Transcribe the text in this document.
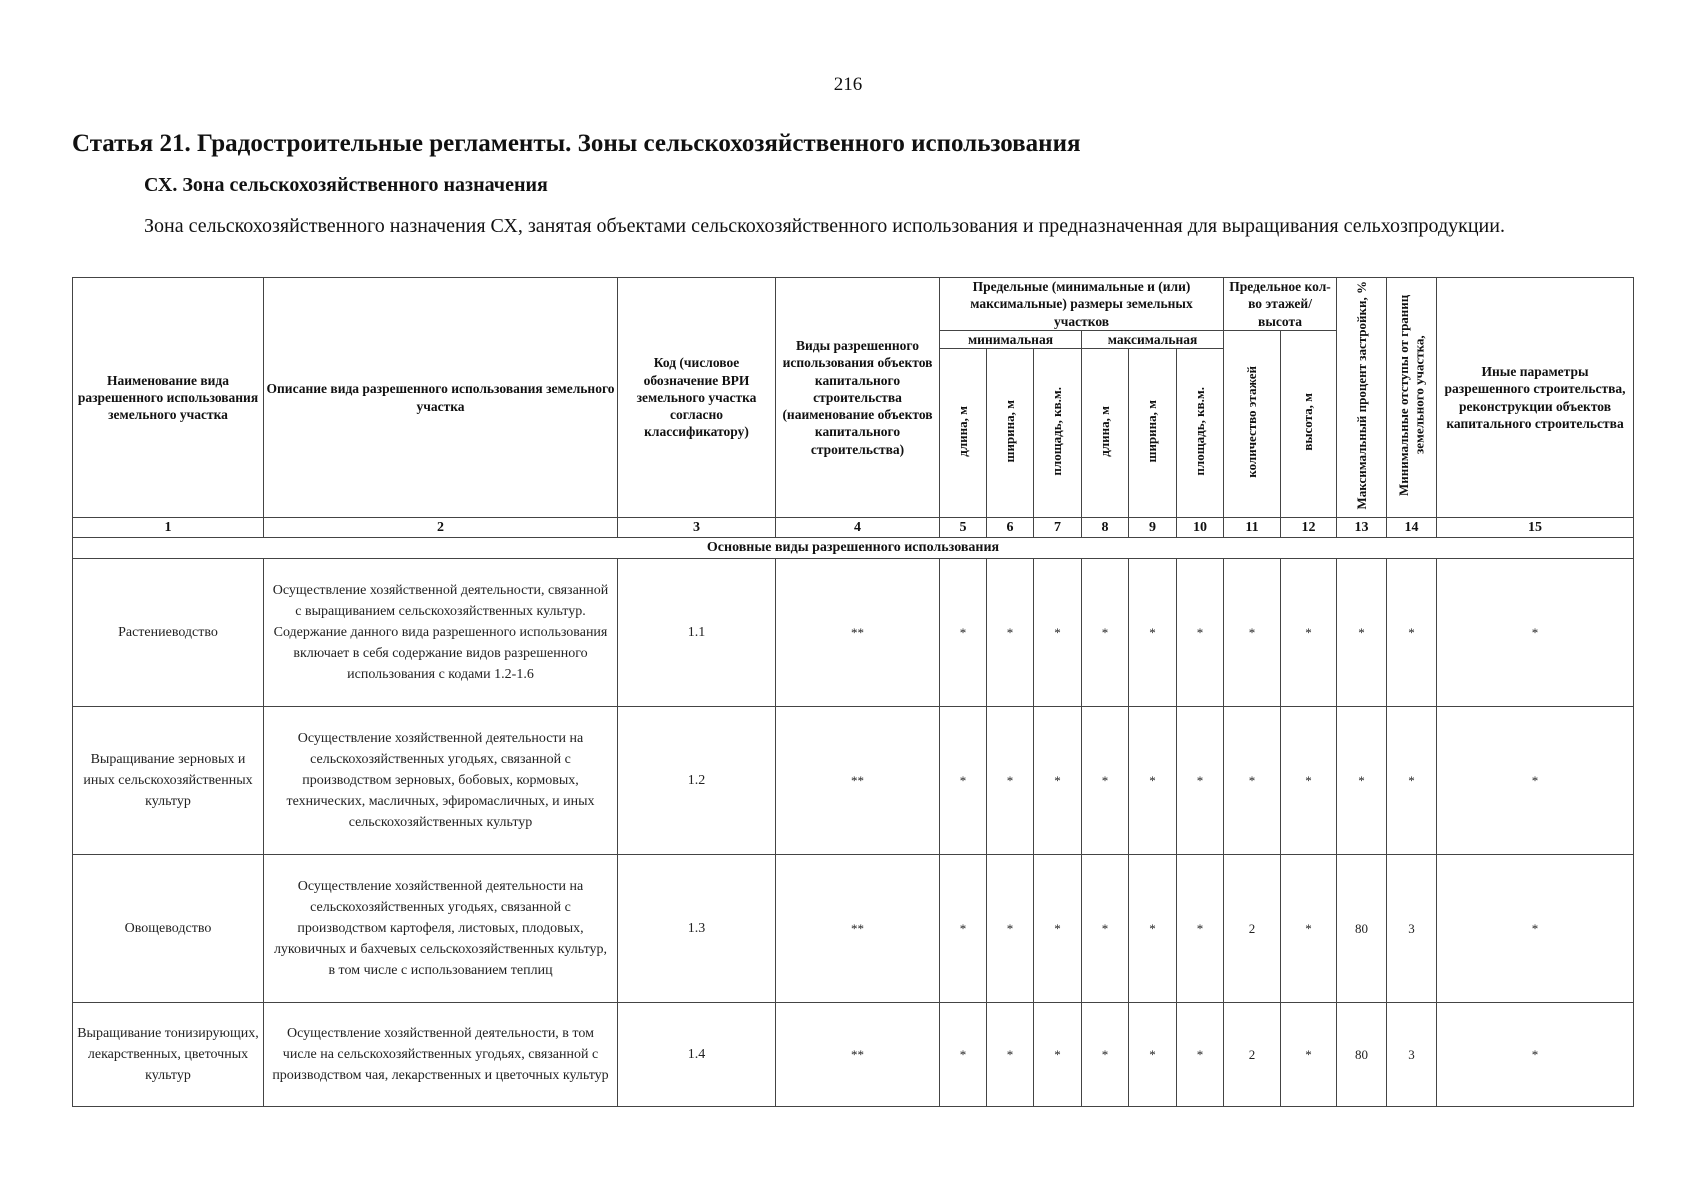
216
Статья 21. Градостроительные регламенты. Зоны сельскохозяйственного использования
СХ. Зона сельскохозяйственного назначения

Зона сельскохозяйственного назначения СХ, занятая объектами сельскохозяйственного использования и предназначенная для выращивания сельхозпродукции.

Наименование вида разрешенного использования земельного участка	Описание вида разрешенного использования земельного участка	Код (числовое обозначение ВРИ земельного участка согласно классификатору)	Виды разрешенного использования объектов капитального строительства (наименование объектов капитального строительства)	Предельные (минимальные и (или) максимальные) размеры земельных участков						Предельное кол-во этажей/ высота		Максимальный процент застройки, %	Минимальные отступы от границ земельного участка,	Иные параметры разрешенного строительства, реконструкции объектов капитального строительства
				минимальная			максимальная			количество этажей	высота, м			
				длина, м	ширина, м	площадь, кв.м.	длина, м	ширина, м	площадь, кв.м.					
1	2	3	4	5	6	7	8	9	10	11	12	13	14	15
Основные виды разрешенного использования														
Растениеводство	Осуществление хозяйственной деятельности, связанной с выращиванием сельскохозяйственных культур. Содержание данного вида разрешенного использования включает в себя содержание видов разрешенного использования с кодами 1.2-1.6	1.1	**	*	*	*	*	*	*	*	*	*	*	*
Выращивание зерновых и иных сельскохозяйственных культур	Осуществление хозяйственной деятельности на сельскохозяйственных угодьях, связанной с производством зерновых, бобовых, кормовых, технических, масличных, эфиромасличных, и иных сельскохозяйственных культур	1.2	**	*	*	*	*	*	*	*	*	*	*	*
Овощеводство	Осуществление хозяйственной деятельности на сельскохозяйственных угодьях, связанной с производством картофеля, листовых, плодовых, луковичных и бахчевых сельскохозяйственных культур, в том числе с использованием теплиц	1.3	**	*	*	*	*	*	*	2	*	80	3	*
Выращивание тонизирующих, лекарственных, цветочных культур	Осуществление хозяйственной деятельности, в том числе на сельскохозяйственных угодьях, связанной с производством чая, лекарственных и цветочных культур	1.4	**	*	*	*	*	*	*	2	*	80	3	*
